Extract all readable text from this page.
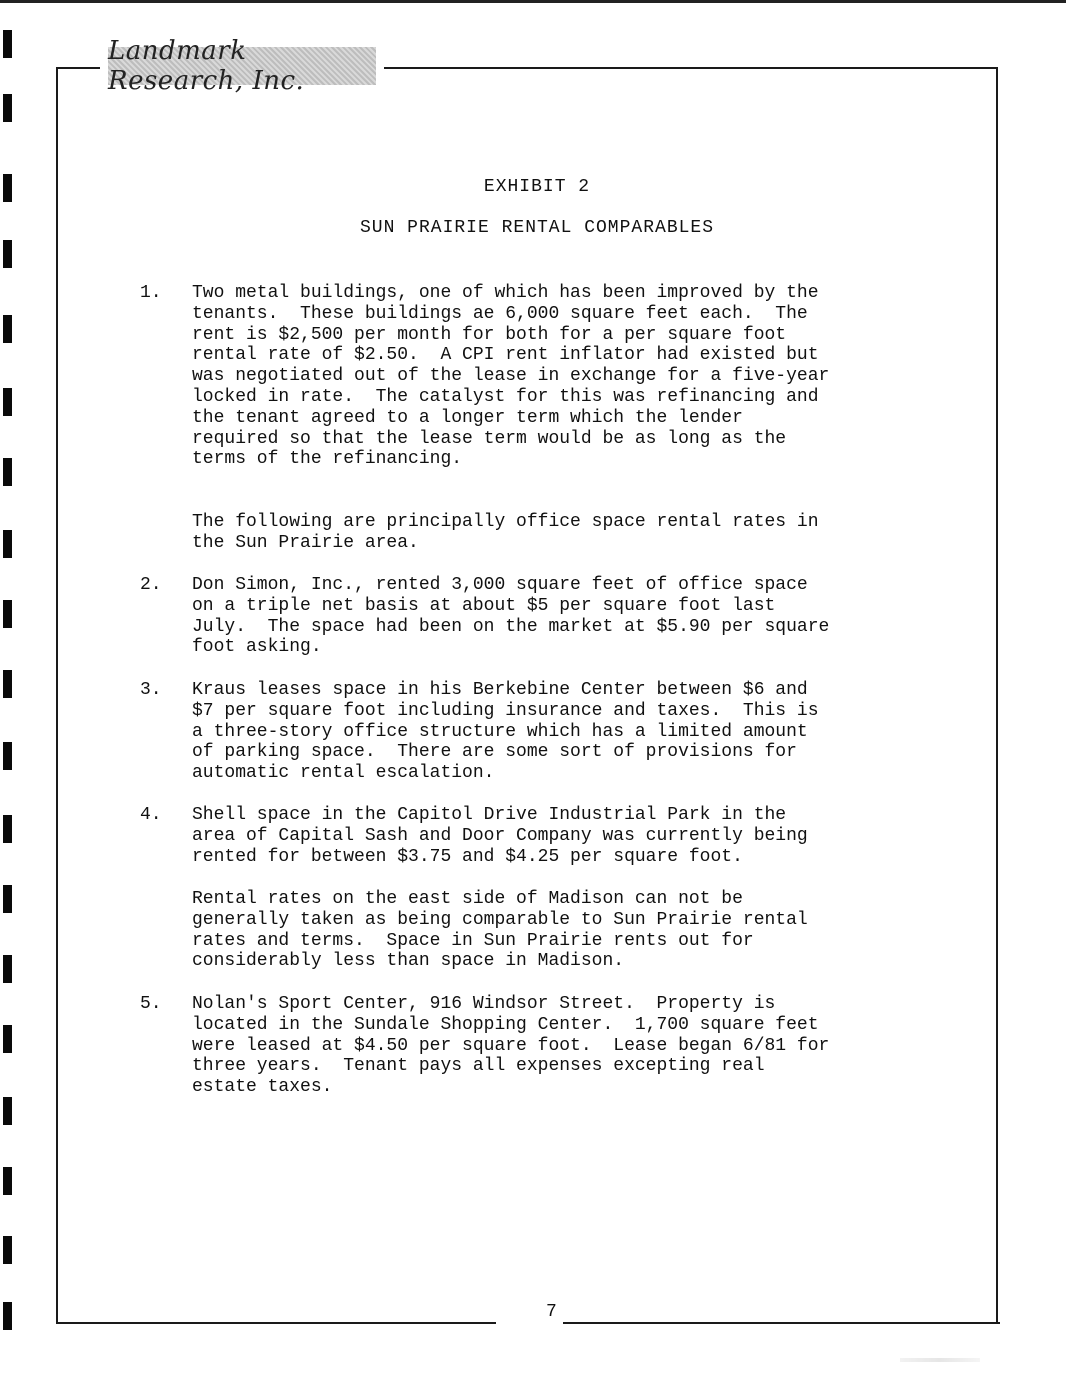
Landmark Research, Inc.
EXHIBIT 2
SUN PRAIRIE RENTAL COMPARABLES
1. Two metal buildings, one of which has been improved by the
tenants.  These buildings ae 6,000 square feet each.  The
rent is $2,500 per month for both for a per square foot
rental rate of $2.50.  A CPI rent inflator had existed but
was negotiated out of the lease in exchange for a five-year
locked in rate.  The catalyst for this was refinancing and
the tenant agreed to a longer term which the lender
required so that the lease term would be as long as the
terms of the refinancing.
The following are principally office space rental rates in
the Sun Prairie area.
2. Don Simon, Inc., rented 3,000 square feet of office space
on a triple net basis at about $5 per square foot last
July.  The space had been on the market at $5.90 per square
foot asking.
3. Kraus leases space in his Berkebine Center between $6 and
$7 per square foot including insurance and taxes.  This is
a three-story office structure which has a limited amount
of parking space.  There are some sort of provisions for
automatic rental escalation.
4. Shell space in the Capitol Drive Industrial Park in the
area of Capital Sash and Door Company was currently being
rented for between $3.75 and $4.25 per square foot.
Rental rates on the east side of Madison can not be
generally taken as being comparable to Sun Prairie rental
rates and terms.  Space in Sun Prairie rents out for
considerably less than space in Madison.
5. Nolan's Sport Center, 916 Windsor Street.  Property is
located in the Sundale Shopping Center.  1,700 square feet
were leased at $4.50 per square foot.  Lease began 6/81 for
three years.  Tenant pays all expenses excepting real
estate taxes.
7
